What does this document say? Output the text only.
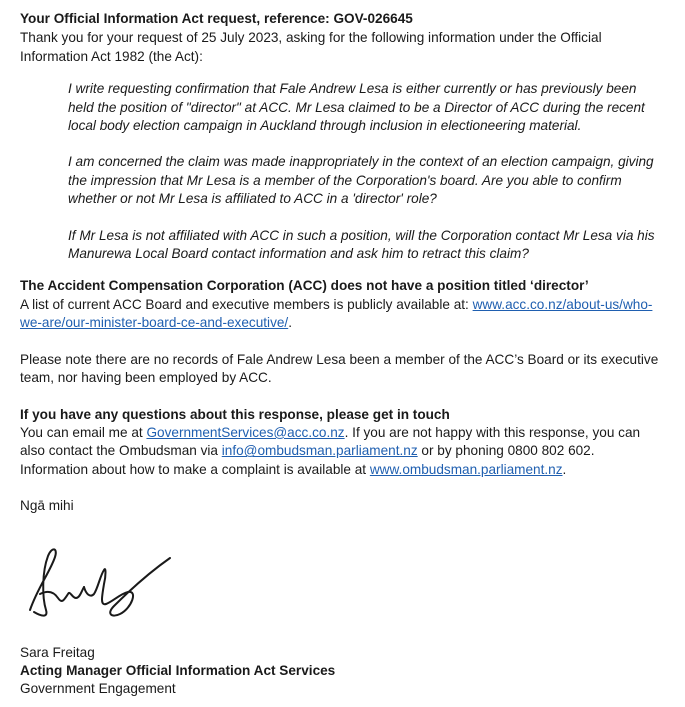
Your Official Information Act request, reference: GOV-026645

Thank you for your request of 25 July 2023, asking for the following information under the Official Information Act 1982 (the Act):

I write requesting confirmation that Fale Andrew Lesa is either currently or has previously been held the position of "director" at ACC. Mr Lesa claimed to be a Director of ACC during the recent local body election campaign in Auckland through inclusion in electioneering material.

I am concerned the claim was made inappropriately in the context of an election campaign, giving the impression that Mr Lesa is a member of the Corporation's board. Are you able to confirm whether or not Mr Lesa is affiliated to ACC in a 'director' role?

If Mr Lesa is not affiliated with ACC in such a position, will the Corporation contact Mr Lesa via his Manurewa Local Board contact information and ask him to retract this claim?

The Accident Compensation Corporation (ACC) does not have a position titled ‘director’

A list of current ACC Board and executive members is publicly available at: www.acc.co.nz/about-us/who-we-are/our-minister-board-ce-and-executive/.

Please note there are no records of Fale Andrew Lesa been a member of the ACC’s Board or its executive team, nor having been employed by ACC.

If you have any questions about this response, please get in touch

You can email me at GovernmentServices@acc.co.nz. If you are not happy with this response, you can also contact the Ombudsman via info@ombudsman.parliament.nz or by phoning 0800 802 602. Information about how to make a complaint is available at www.ombudsman.parliament.nz.

Ngā mihi

Sara Freitag

Acting Manager Official Information Act Services

Government Engagement
